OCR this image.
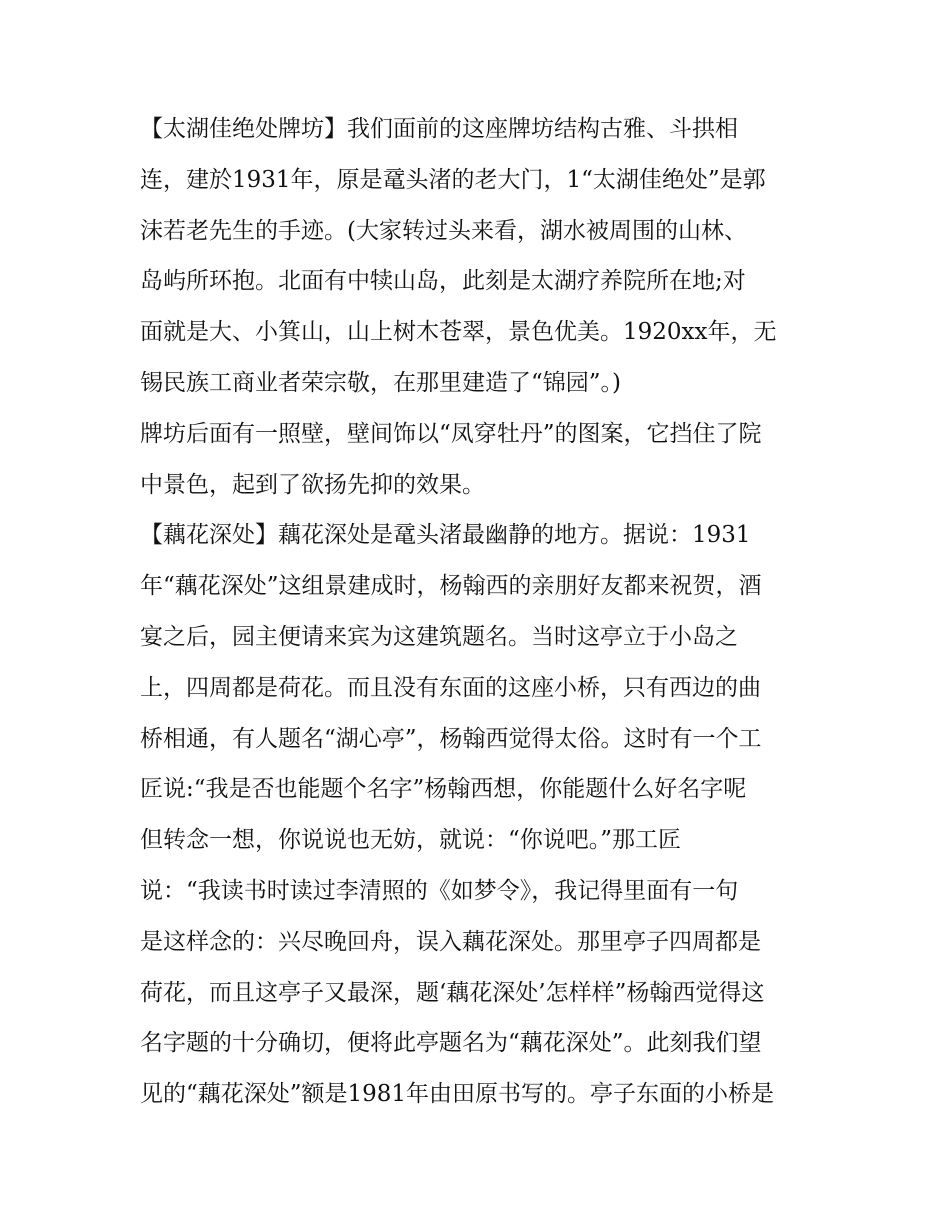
【太湖佳绝处牌坊】我们面前的这座牌坊结构古雅、斗拱相
连，建於1931年，原是鼋头渚的老大门，1“太湖佳绝处”是郭
沫若老先生的手迹。(大家转过头来看，湖水被周围的山林、
岛屿所环抱。北面有中犊山岛，此刻是太湖疗养院所在地;对
面就是大、小箕山，山上树木苍翠，景色优美。1920xx年，无
锡民族工商业者荣宗敬，在那里建造了“锦园”。)
牌坊后面有一照壁，壁间饰以“凤穿牡丹”的图案，它挡住了院
中景色，起到了欲扬先抑的效果。
【藕花深处】藕花深处是鼋头渚最幽静的地方。据说：1931
年“藕花深处”这组景建成时，杨翰西的亲朋好友都来祝贺，酒
宴之后，园主便请来宾为这建筑题名。当时这亭立于小岛之
上，四周都是荷花。而且没有东面的这座小桥，只有西边的曲
桥相通，有人题名“湖心亭”，杨翰西觉得太俗。这时有一个工
匠说:“我是否也能题个名字”杨翰西想，你能题什么好名字呢
但转念一想，你说说也无妨，就说：“你说吧。”那工匠
说：“我读书时读过李清照的《如梦令》，我记得里面有一句
是这样念的：兴尽晚回舟，误入藕花深处。那里亭子四周都是
荷花，而且这亭子又最深，题‘藕花深处’怎样样”杨翰西觉得这
名字题的十分确切，便将此亭题名为“藕花深处”。此刻我们望
见的“藕花深处”额是1981年由田原书写的。亭子东面的小桥是
